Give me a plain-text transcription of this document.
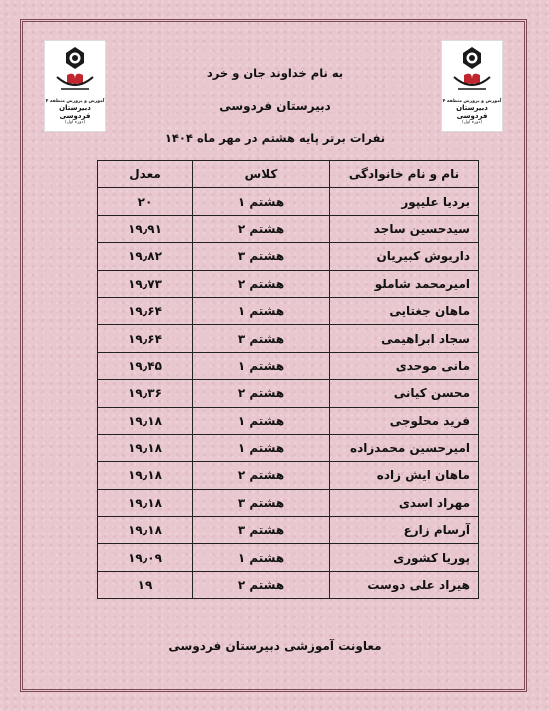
آموزش و پرورش منطقه ۴
دبیرستان فردوسی
(دوره اول)
آموزش و پرورش منطقه ۴
دبیرستان فردوسی
(دوره اول)
به نام خداوند جان و خرد
دبیرستان فردوسی
نفرات برتر پایه هشتم در مهر ماه ۱۴۰۴
نام و نام خانوادگی	کلاس	معدل
بردیا علیپور	هشتم ۱	۲۰
سیدحسین ساجد	هشتم ۲	۱۹٫۹۱
داریوش کبیریان	هشتم ۳	۱۹٫۸۲
امیرمحمد شاملو	هشتم ۲	۱۹٫۷۳
ماهان جغتایی	هشتم ۱	۱۹٫۶۴
سجاد ابراهیمی	هشتم ۳	۱۹٫۶۴
مانی موحدی	هشتم ۱	۱۹٫۴۵
محسن کیانی	هشتم ۲	۱۹٫۳۶
فرید محلوجی	هشتم ۱	۱۹٫۱۸
امیرحسین محمدزاده	هشتم ۱	۱۹٫۱۸
ماهان ایش زاده	هشتم ۲	۱۹٫۱۸
مهراد اسدی	هشتم ۳	۱۹٫۱۸
آرسام زارع	هشتم ۳	۱۹٫۱۸
پوریا کشوری	هشتم ۱	۱۹٫۰۹
هیراد علی دوست	هشتم ۲	۱۹
معاونت آموزشی دبیرستان فردوسی
